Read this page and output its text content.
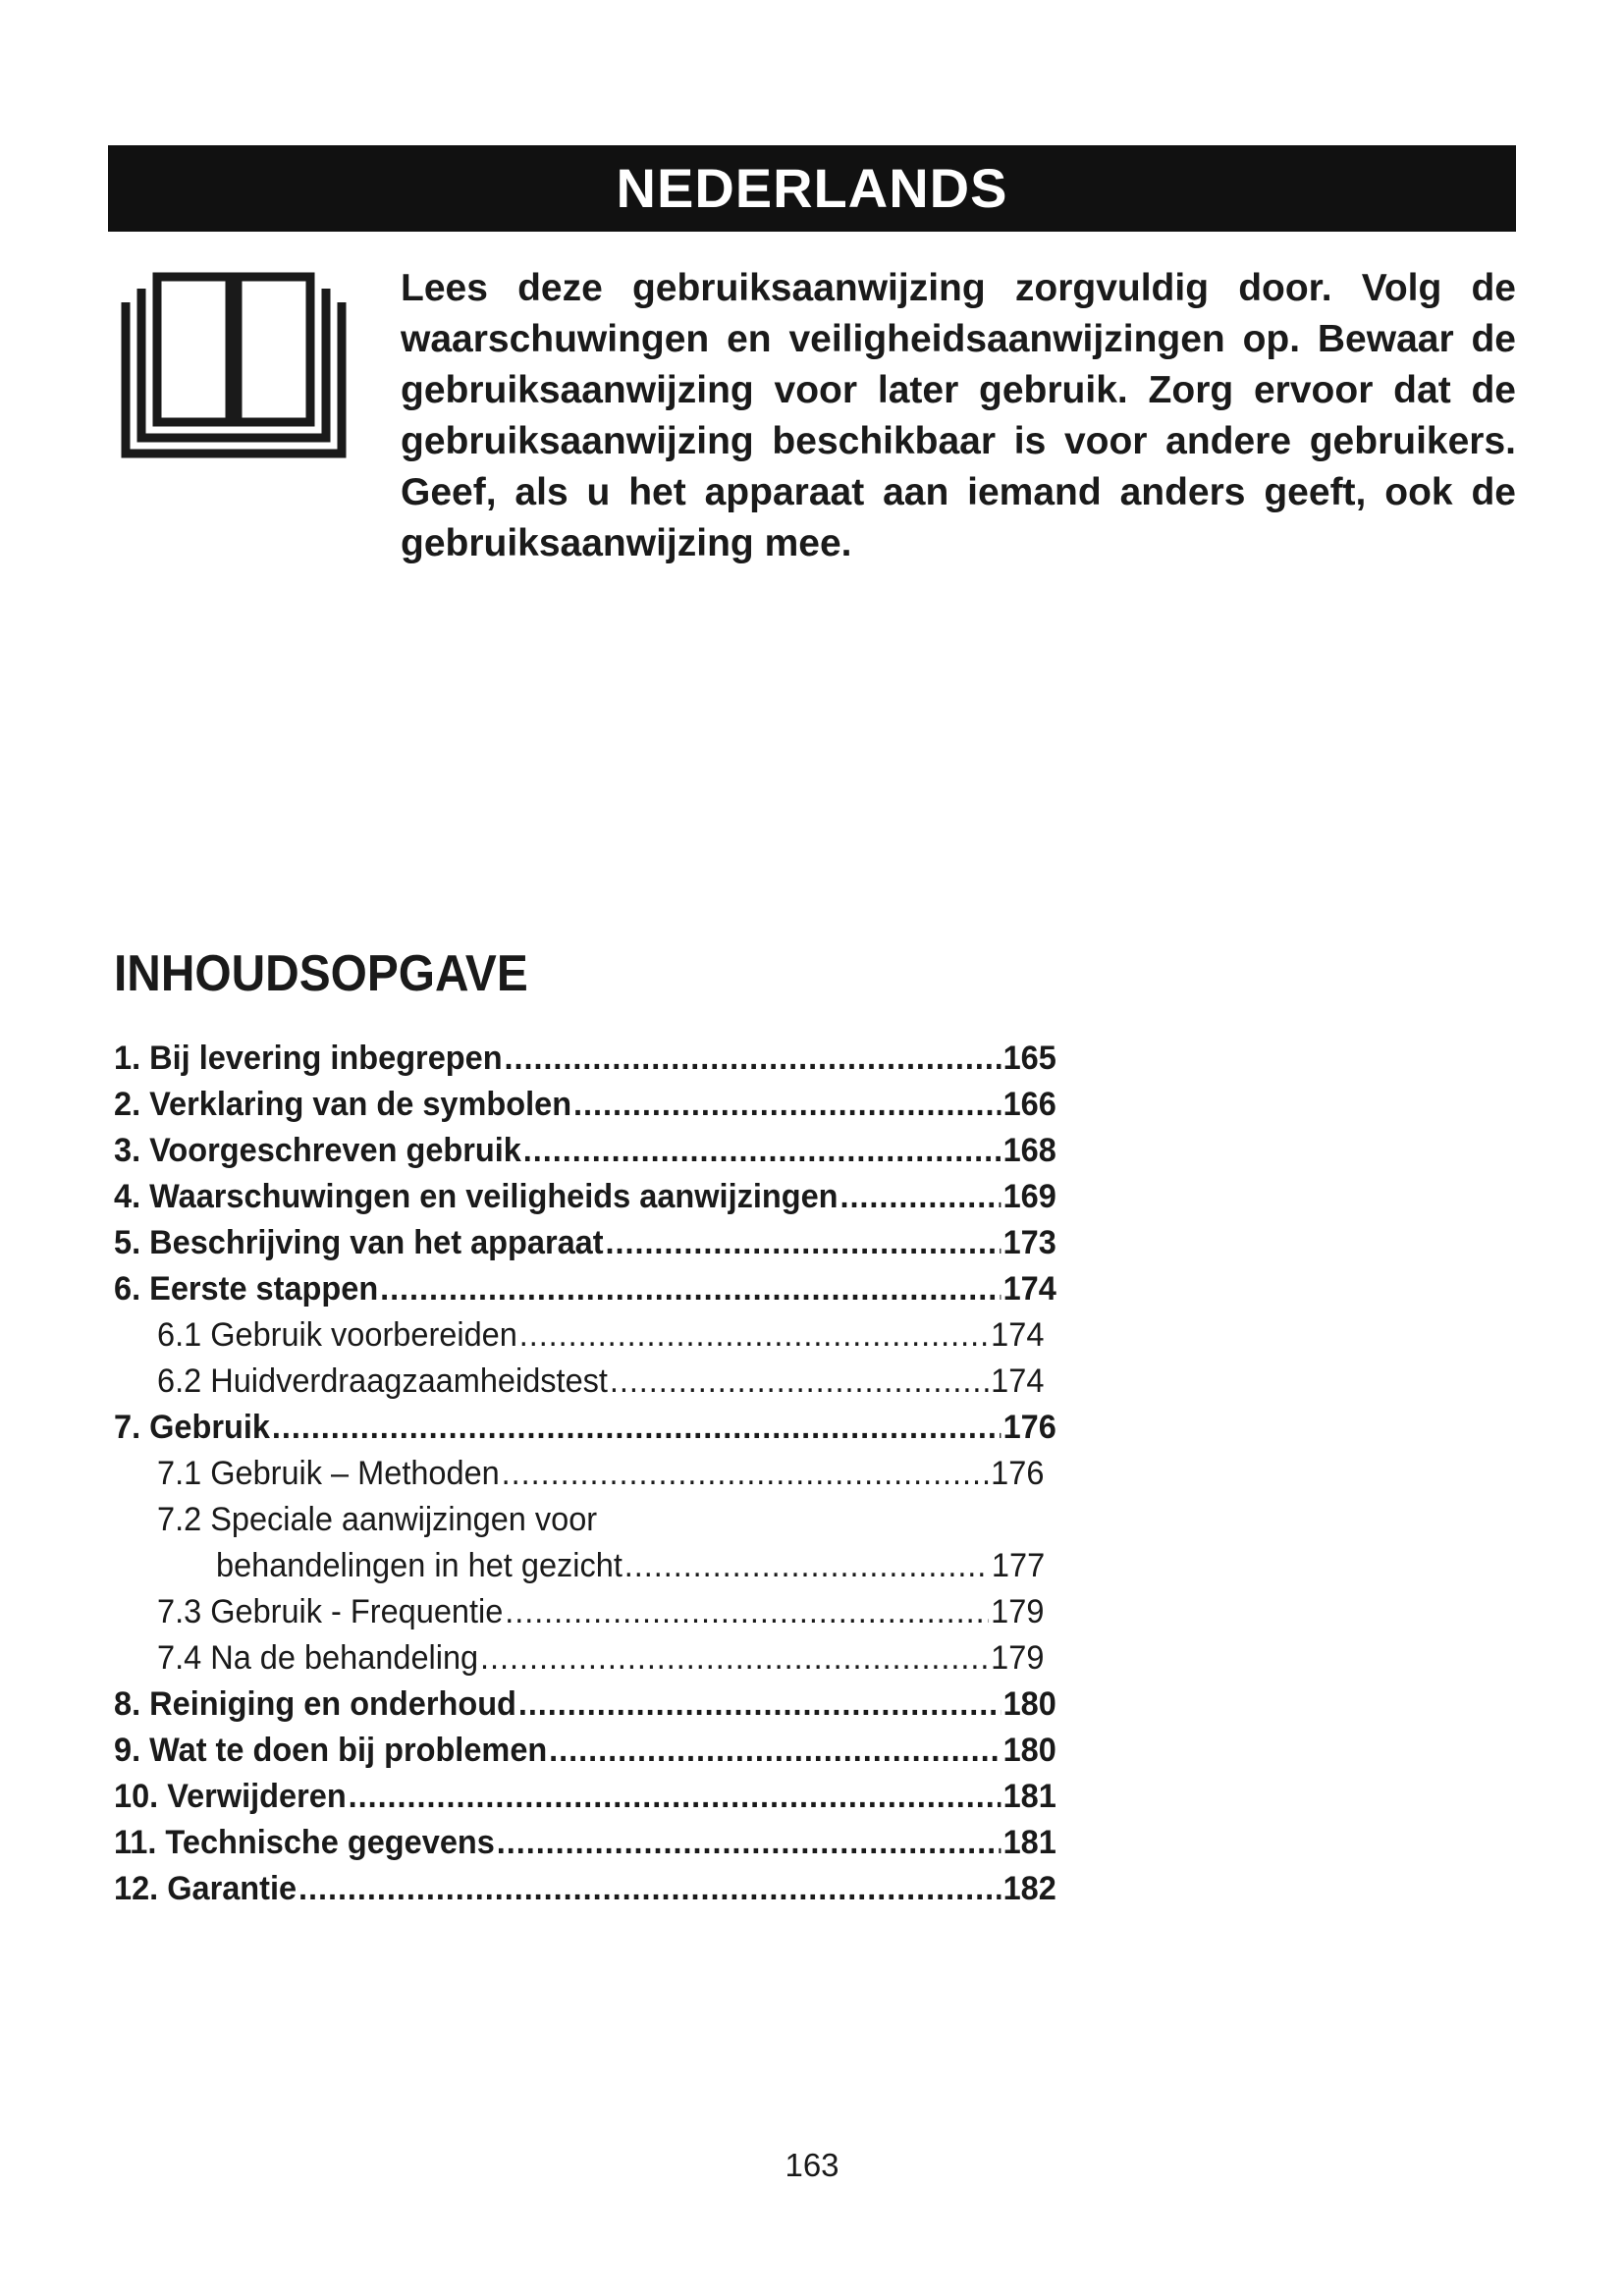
NEDERLANDS

Lees deze gebruiksaanwijzing zorgvuldig door. Volg de waarschuwingen en veiligheidsaanwijzingen op. Bewaar de gebruiksaanwijzing voor later gebruik. Zorg ervoor dat de gebruiksaanwijzing beschikbaar is voor andere gebruikers. Geef, als u het apparaat aan iemand anders geeft, ook de gebruiksaanwijzing mee.

INHOUDSOPGAVE
1. Bij levering inbegrepen .....	165
2. Verklaring van de symbolen .....	166
3. Voorgeschreven gebruik .....	168
4. Waarschuwingen en veiligheids aanwijzingen .....	169
5. Beschrijving van het apparaat .....	173
6. Eerste stappen .....	174
6.1 Gebruik voorbereiden .....	174
6.2 Huidverdraagzaamheidstest .....	174
7. Gebruik .....	176
7.1 Gebruik – Methoden .....	176
7.2 Speciale aanwijzingen voor
behandelingen in het gezicht .....	177
7.3 Gebruik - Frequentie .....	179
7.4 Na de behandeling .....	179
8. Reiniging en onderhoud .....	180
9. Wat te doen bij problemen .....	180
10. Verwijderen .....	181
11. Technische gegevens .....	181
12. Garantie .....	182
163
